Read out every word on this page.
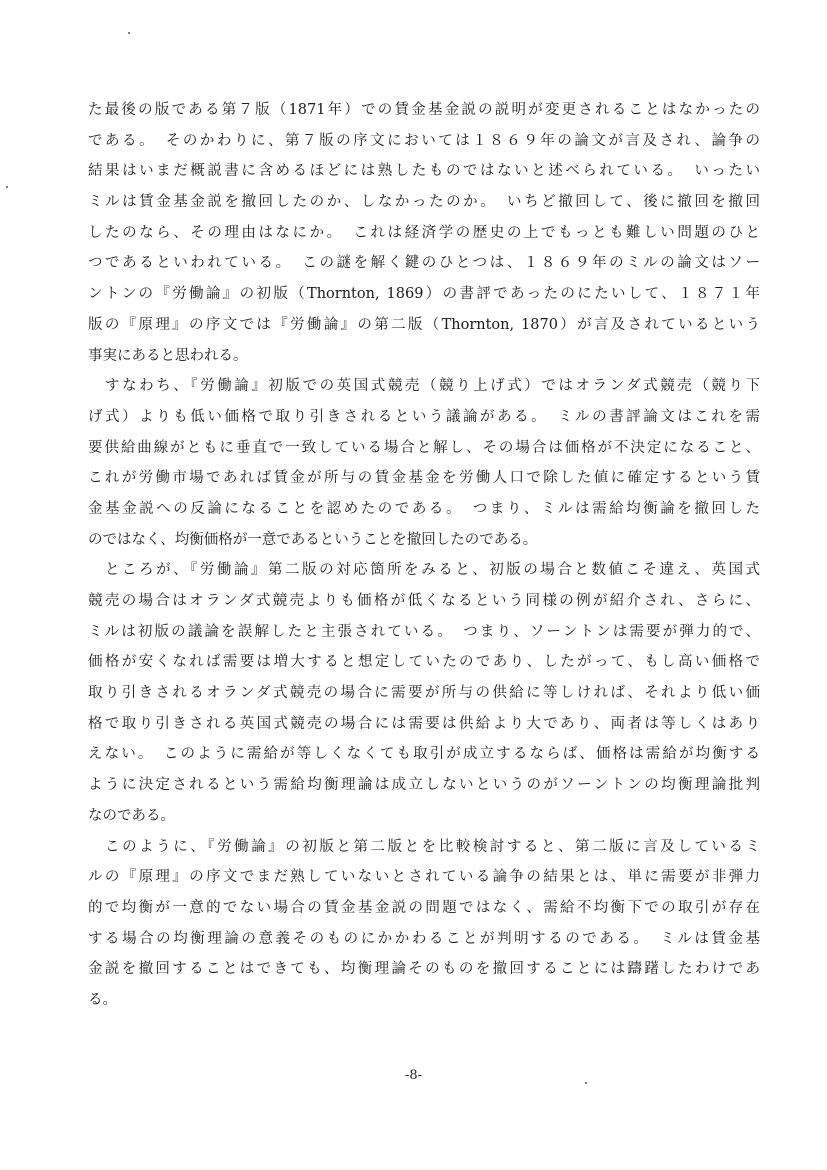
た最後の版である第７版（1871年）での賃金基金説の説明が変更されることはなかったの
である。　そのかわりに、第７版の序文においては１８６９年の論文が言及され、論争の
結果はいまだ概説書に含めるほどには熟したものではないと述べられている。　いったい
ミルは賃金基金説を撤回したのか、しなかったのか。　いちど撤回して、後に撤回を撤回
したのなら、その理由はなにか。　これは経済学の歴史の上でもっとも難しい問題のひと
つであるといわれている。　この謎を解く鍵のひとつは、１８６９年のミルの論文はソー
ントンの『労働論』の初版（Thornton, 1869）の書評であったのにたいして、１８７１年
版の『原理』の序文では『労働論』の第二版（Thornton, 1870）が言及されているという
事実にあると思われる。
　すなわち、『労働論』初版での英国式競売（競り上げ式）ではオランダ式競売（競り下
げ式）よりも低い価格で取り引きされるという議論がある。　ミルの書評論文はこれを需
要供給曲線がともに垂直で一致している場合と解し、その場合は価格が不決定になること、
これが労働市場であれば賃金が所与の賃金基金を労働人口で除した値に確定するという賃
金基金説への反論になることを認めたのである。　つまり、ミルは需給均衡論を撤回した
のではなく、均衡価格が一意であるということを撤回したのである。
　ところが、『労働論』第二版の対応箇所をみると、初版の場合と数値こそ違え、英国式
競売の場合はオランダ式競売よりも価格が低くなるという同様の例が紹介され、さらに、
ミルは初版の議論を誤解したと主張されている。　つまり、ソーントンは需要が弾力的で、
価格が安くなれば需要は増大すると想定していたのであり、したがって、もし高い価格で
取り引きされるオランダ式競売の場合に需要が所与の供給に等しければ、それより低い価
格で取り引きされる英国式競売の場合には需要は供給より大であり、両者は等しくはあり
えない。　このように需給が等しくなくても取引が成立するならば、価格は需給が均衡する
ように決定されるという需給均衡理論は成立しないというのがソーントンの均衡理論批判
なのである。
　このように、『労働論』の初版と第二版とを比較検討すると、第二版に言及しているミ
ルの『原理』の序文でまだ熟していないとされている論争の結果とは、単に需要が非弾力
的で均衡が一意的でない場合の賃金基金説の問題ではなく、需給不均衡下での取引が存在
する場合の均衡理論の意義そのものにかかわることが判明するのである。　ミルは賃金基
金説を撤回することはできても、均衡理論そのものを撤回することには躊躇したわけであ
る。
-8-
